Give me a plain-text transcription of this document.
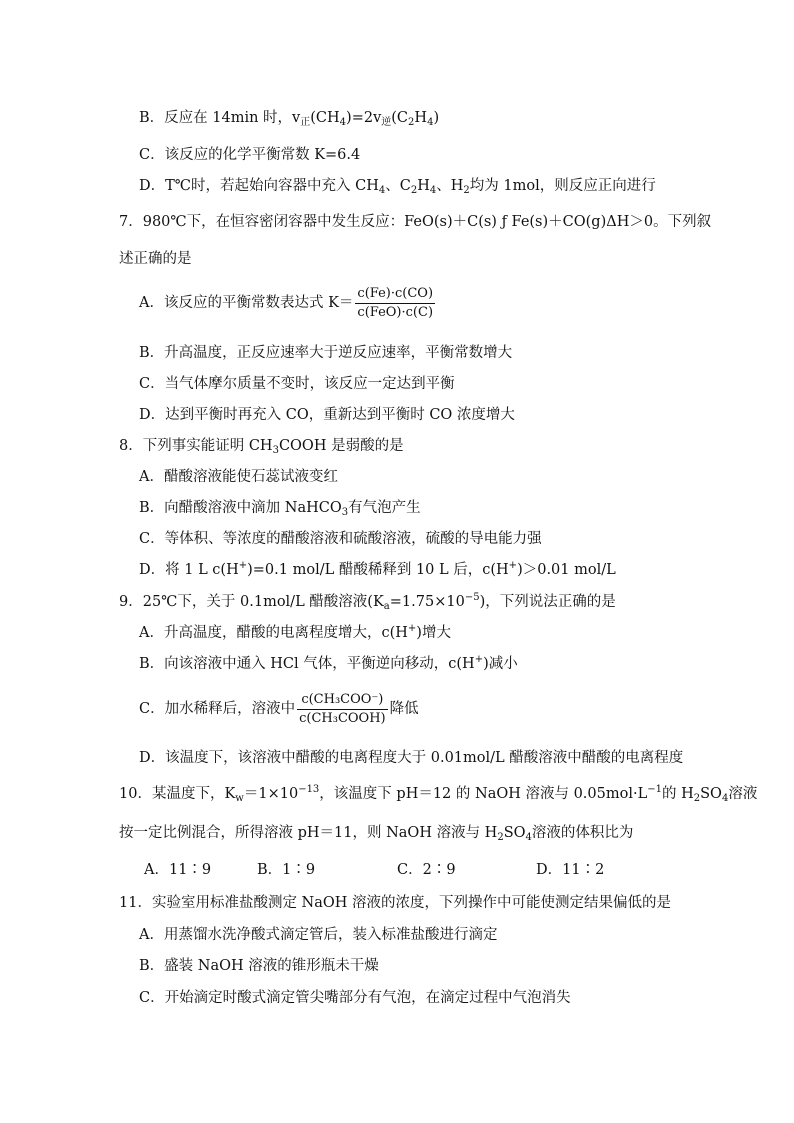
B．反应在 14min 时，$v_正(CH_4)=2v_逆(C_2H_4)$
C．该反应的化学平衡常数 K=6.4
D．T℃时，若起始向容器中充入 $CH_4$、$C_2H_4$、$H_2$均为 1mol，则反应正向进行
7．980℃下，在恒容密闭容器中发生反应：FeO(s)＋C(s) ƒ Fe(s)＋CO(g)ΔH＞0。下列叙
述正确的是
A．该反应的平衡常数表达式 $K= \frac{c(Fe)\cdot c(CO)}{\text{c(FeO)·c(C)}}$
B．升高温度，正反应速率大于逆反应速率，平衡常数增大
C．当气体摩尔质量不变时，该反应一定达到平衡
D．达到平衡时再充入 CO，重新达到平衡时 CO 浓度增大
8．下列事实能证明 $CH_3COOH$ 是弱酸的是
A．醋酸溶液能使石蕊试液变红
B．向醋酸溶液中滴加 NaHCO$_3$有气泡产生
C．等体积、等浓度的醋酸溶液和硫酸溶液，硫酸的导电能力强
D．将 1 L c(H+)=0.1 mol/L 醋酸稀释到 10 L 后，c(H+)＞0.01 mol/L
9．25℃下，关于 0.1mol/L 醋酸溶液$(K_a=1.75\times 10^{-5})$，下列说法正确的是
A．升高温度，醋酸的电离程度增大，c(H+)增大
B．向该溶液中通入 HCl 气体，平衡逆向移动，c(H+)减小
C．加水稀释后，溶液中 $\frac{\text{c(CH₃COO⁻)}}{\text{c(CH₃COOH)}}$ 降低
D．该温度下，该溶液中醋酸的电离程度大于 0.01mol/L 醋酸溶液中醋酸的电离程度
10．某温度下，$K_w=1\times 10^{-13}$，该温度下 pH＝12 的 NaOH 溶液与 $0.05mol\cdot L^{-1}$的 $H_2SO_4$溶液
按一定比例混合，所得溶液 pH＝11，则 NaOH 溶液与 $H_2SO_4$溶液的体积比为
A．11∶9	B．1∶9	C．2∶9	D．11∶2
11．实验室用标准盐酸测定 NaOH 溶液的浓度，下列操作中可能使测定结果偏低的是
A．用蒸馏水洗净酸式滴定管后，装入标准盐酸进行滴定
B．盛装 NaOH 溶液的锥形瓶未干燥
C．开始滴定时酸式滴定管尖嘴部分有气泡，在滴定过程中气泡消失
